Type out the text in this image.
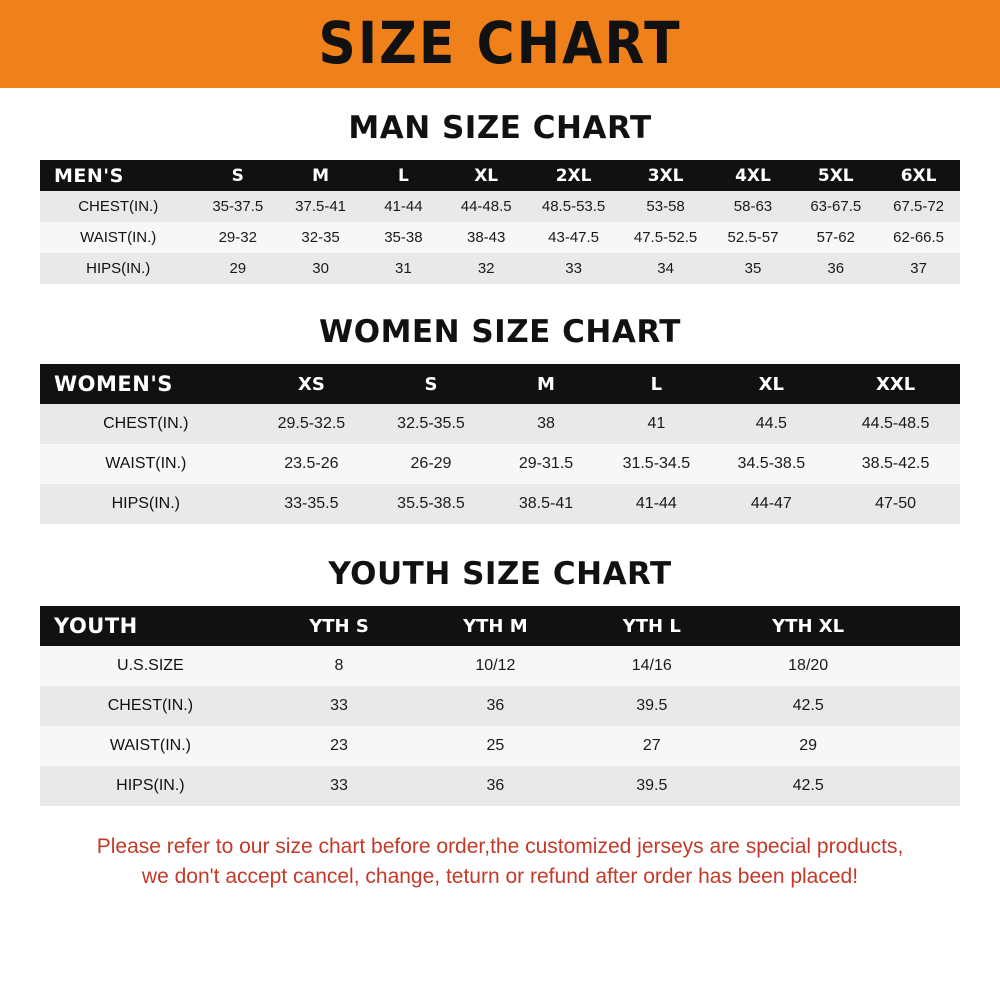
SIZE CHART
MAN SIZE CHART
MEN'S	S	M	L	XL	2XL	3XL	4XL	5XL	6XL
CHEST(IN.)	35-37.5	37.5-41	41-44	44-48.5	48.5-53.5	53-58	58-63	63-67.5	67.5-72
WAIST(IN.)	29-32	32-35	35-38	38-43	43-47.5	47.5-52.5	52.5-57	57-62	62-66.5
HIPS(IN.)	29	30	31	32	33	34	35	36	37
WOMEN SIZE CHART
WOMEN'S	XS	S	M	L	XL	XXL
CHEST(IN.)	29.5-32.5	32.5-35.5	38	41	44.5	44.5-48.5
WAIST(IN.)	23.5-26	26-29	29-31.5	31.5-34.5	34.5-38.5	38.5-42.5
HIPS(IN.)	33-35.5	35.5-38.5	38.5-41	41-44	44-47	47-50
YOUTH SIZE CHART
YOUTH	YTH S	YTH M	YTH L	YTH XL	
U.S.SIZE	8	10/12	14/16	18/20	
CHEST(IN.)	33	36	39.5	42.5	
WAIST(IN.)	23	25	27	29	
HIPS(IN.)	33	36	39.5	42.5	
Please refer to our size chart before order,the customized jerseys are special products,
we don't accept cancel, change, teturn or refund after order has been placed!
